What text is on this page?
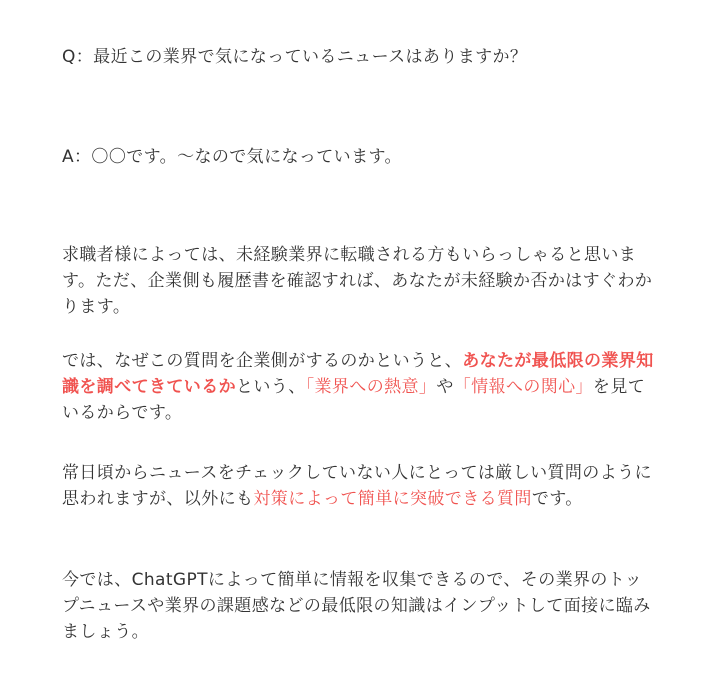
Q：最近この業界で気になっているニュースはありますか？

A：〇〇です。～なので気になっています。

求職者様によっては、未経験業界に転職される方もいらっしゃると思います。ただ、企業側も履歴書を確認すれば、あなたが未経験か否かはすぐわかります。

では、なぜこの質問を企業側がするのかというと、あなたが最低限の業界知識を調べてきているかという、「業界への熱意」や「情報への関心」を見ているからです。

常日頃からニュースをチェックしていない人にとっては厳しい質問のように思われますが、以外にも対策によって簡単に突破できる質問です。

今では、ChatGPTによって簡単に情報を収集できるので、その業界のトップニュースや業界の課題感などの最低限の知識はインプットして面接に臨みましょう。
